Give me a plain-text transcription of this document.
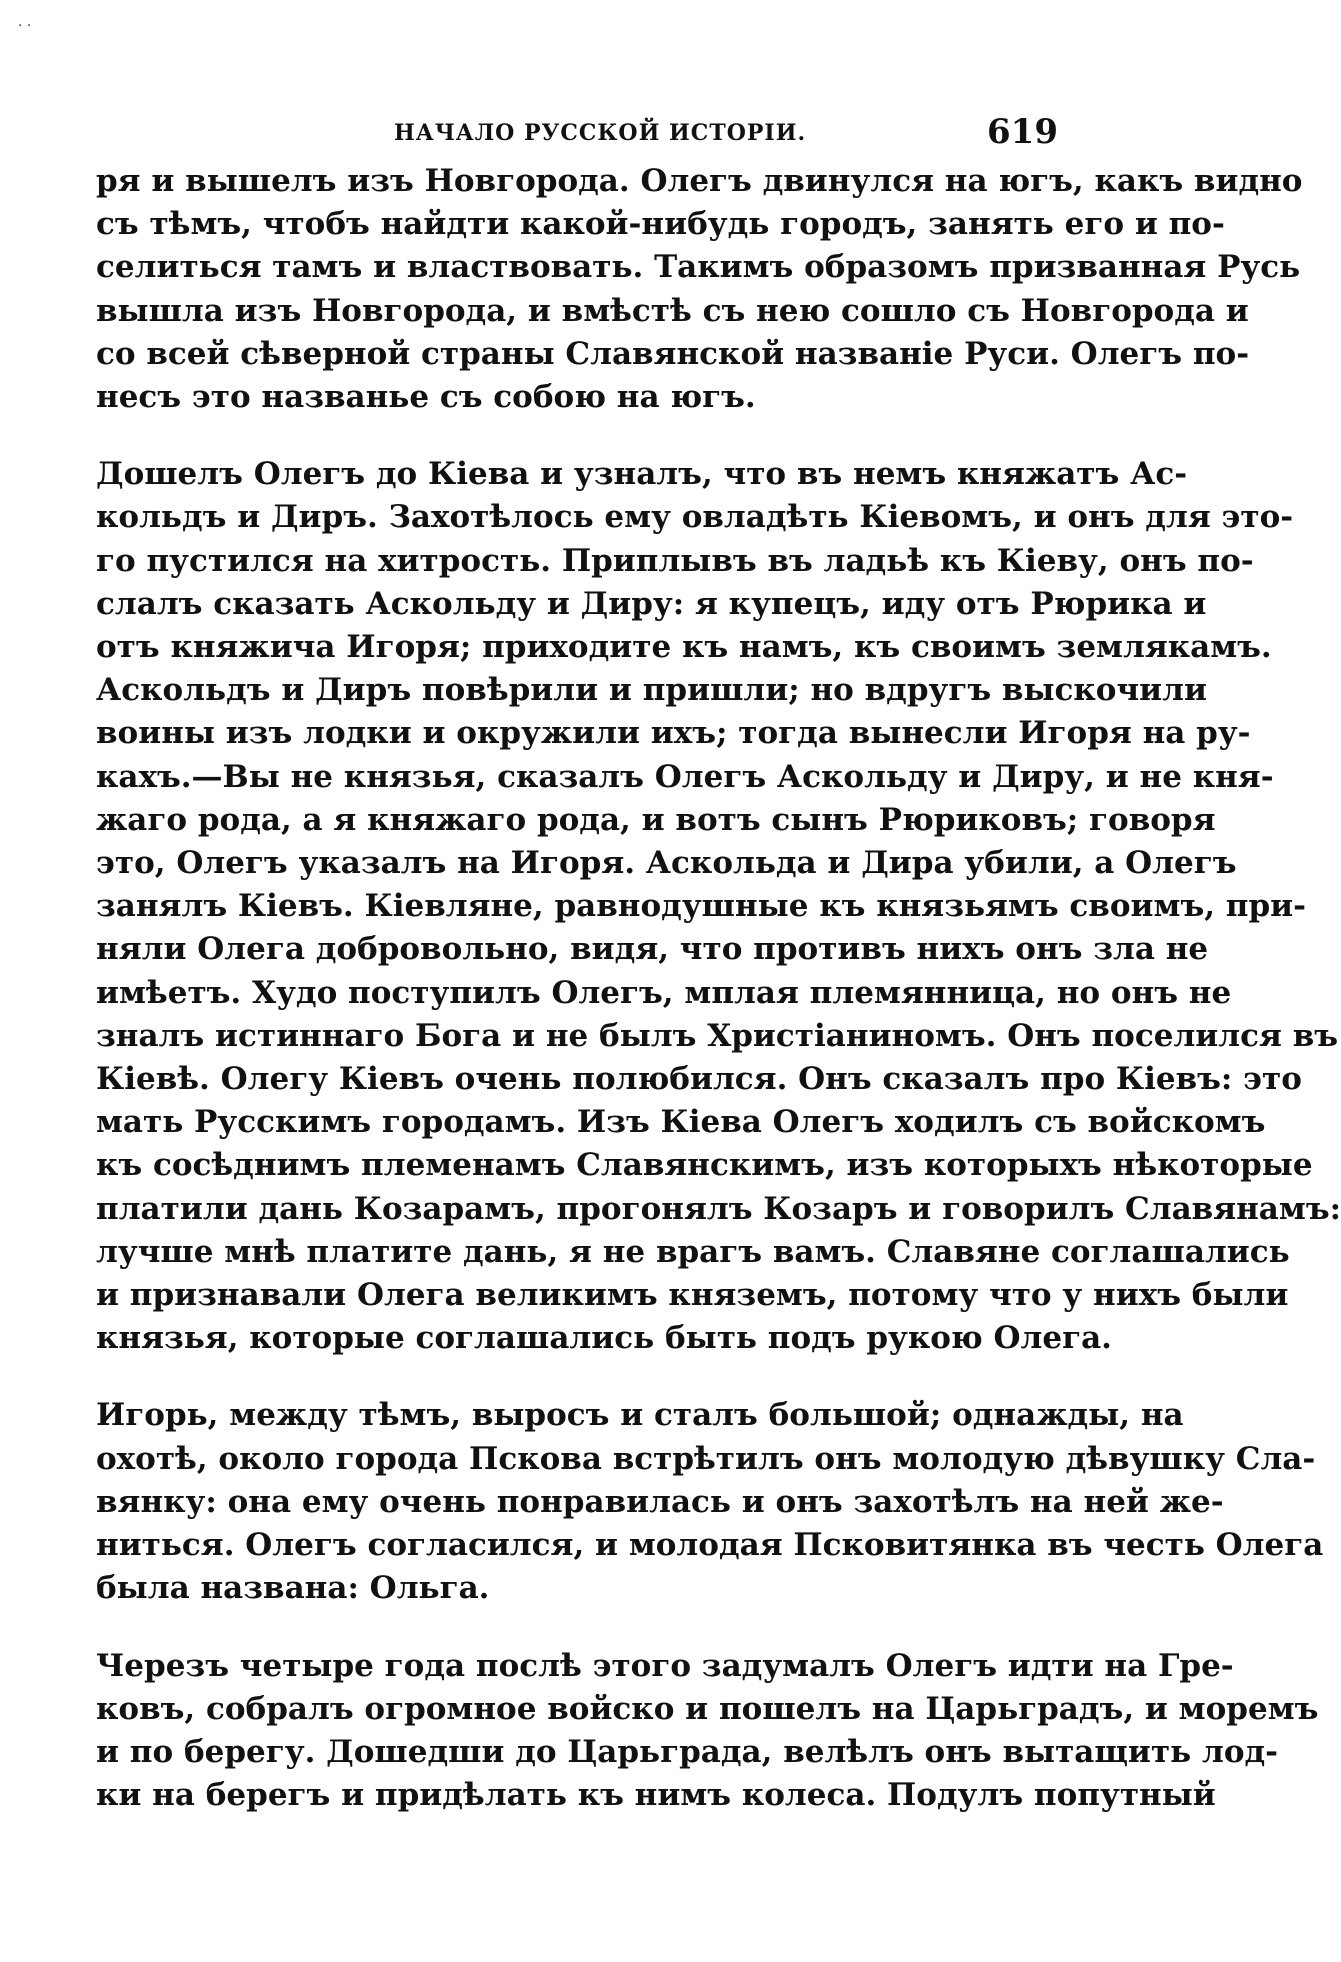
· ·
НАЧАЛО РУССКОЙ ИСТОРІИ.	619
ря и вышелъ изъ Новгорода. Олегъ двинулся на югъ, какъ видно
съ тѣмъ, чтобъ найдти какой-нибудь городъ, занять его и по-
селиться тамъ и властвовать. Такимъ образомъ призванная Русь
вышла изъ Новгорода, и вмѣстѣ съ нею сошло съ Новгорода и
со всей сѣверной страны Славянской названіе Руси. Олегъ по-
несъ это названье съ собою на югъ.
Дошелъ Олегъ до Кіева и узналъ, что въ немъ княжатъ Ас-
кольдъ и Диръ. Захотѣлось ему овладѣть Кіевомъ, и онъ для это-
го пустился на хитрость. Приплывъ въ ладьѣ къ Кіеву, онъ по-
слалъ сказать Аскольду и Диру: я купецъ, иду отъ Рюрика и
отъ княжича Игоря; приходите къ намъ, къ своимъ землякамъ.
Аскольдъ и Диръ повѣрили и пришли; но вдругъ выскочили
воины изъ лодки и окружили ихъ; тогда вынесли Игоря на ру-
кахъ.—Вы не князья, сказалъ Олегъ Аскольду и Диру, и не кня-
жаго рода, а я княжаго рода, и вотъ сынъ Рюриковъ; говоря
это, Олегъ указалъ на Игоря. Аскольда и Дира убили, а Олегъ
занялъ Кіевъ. Кіевляне, равнодушные къ князьямъ своимъ, при-
няли Олега добровольно, видя, что противъ нихъ онъ зла не
имѣетъ. Худо поступилъ Олегъ, мплая племянница, но онъ не
зналъ истиннаго Бога и не былъ Христіаниномъ. Онъ поселился въ
Кіевѣ. Олегу Кіевъ очень полюбился. Онъ сказалъ про Кіевъ: это
мать Русскимъ городамъ. Изъ Кіева Олегъ ходилъ съ войскомъ
къ сосѣднимъ племенамъ Славянскимъ, изъ которыхъ нѣкоторые
платили дань Козарамъ, прогонялъ Козаръ и говорилъ Славянамъ:
лучше мнѣ платите дань, я не врагъ вамъ. Славяне соглашались
и признавали Олега великимъ княземъ, потому что у нихъ были
князья, которые соглашались быть подъ рукою Олега.
Игорь, между тѣмъ, выросъ и сталъ большой; однажды, на
охотѣ, около города Пскова встрѣтилъ онъ молодую дѣвушку Сла-
вянку: она ему очень понравилась и онъ захотѣлъ на ней же-
ниться. Олегъ согласился, и молодая Псковитянка въ честь Олега
была названа: Ольга.
Черезъ четыре года послѣ этого задумалъ Олегъ идти на Гре-
ковъ, собралъ огромное войско и пошелъ на Царьградъ, и моремъ
и по берегу. Дошедши до Царьграда, велѣлъ онъ вытащить лод-
ки на берегъ и придѣлать къ нимъ колеса. Подулъ попутный
